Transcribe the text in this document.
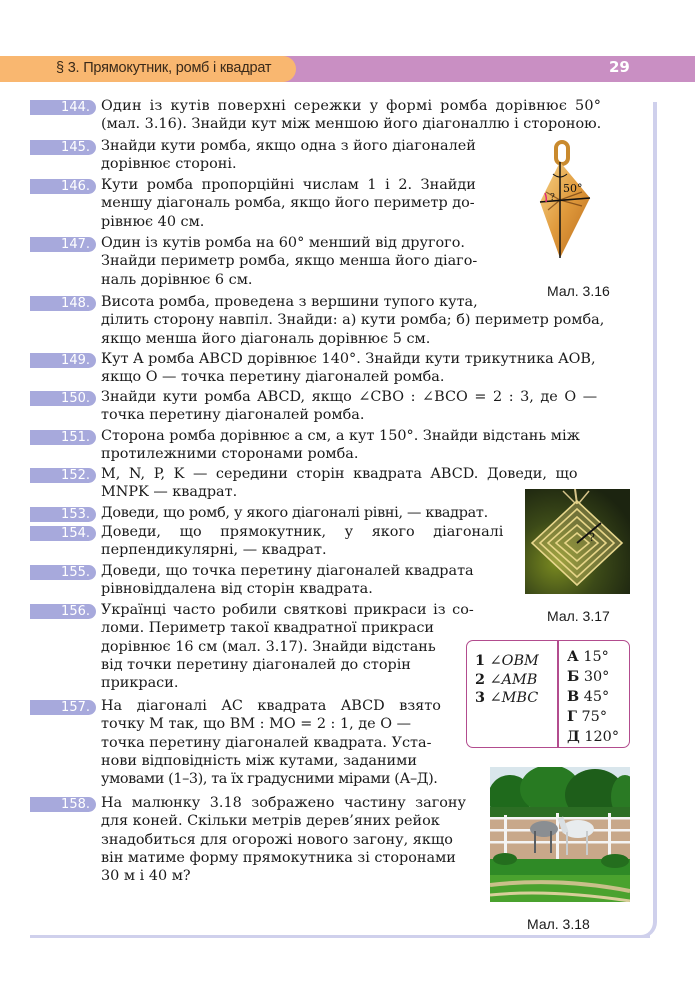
§ 3. Прямокутник, ромб і квадрат	29
144. Один із кутів поверхні сережки у формі ромба дорівнює 50°
(мал. 3.16). Знайди кут між меншою його діагоналлю і стороною.
145. Знайди кути ромба, якщо одна з його діагоналей
дорівнює стороні.
146. Кути ромба пропорційні числам 1 і 2. Знайди
меншу діагональ ромба, якщо його периметр до-
рівнює 40 см.
147. Один із кутів ромба на 60° менший від другого.
Знайди периметр ромба, якщо менша його діаго-
наль дорівнює 6 см.
50°
?
Мал. 3.16
148. Висота ромба, проведена з вершини тупого кута,
ділить сторону навпіл. Знайди: а) кути ромба; б) периметр ромба,
якщо менша його діагональ дорівнює 5 см.
149. Кут A ромба ABCD дорівнює 140°. Знайди кути трикутника AOB,
якщо O — точка перетину діагоналей ромба.
150. Знайди кути ромба ABCD, якщо ∠CBO : ∠BCO = 2 : 3, де O —
точка перетину діагоналей ромба.
151. Сторона ромба дорівнює a см, а кут 150°. Знайди відстань між
протилежними сторонами ромба.
152. M, N, P, K — середини сторін квадрата ABCD. Доведи, що
MNPK — квадрат.
153. Доведи, що ромб, у якого діагоналі рівні, — квадрат.
154. Доведи, що прямокутник, у якого діагоналі
перпендикулярні, — квадрат.
155. Доведи, що точка перетину діагоналей квадрата
рівновіддалена від сторін квадрата.
?
Мал. 3.17
156. Українці часто робили святкові прикраси із со-
ломи. Периметр такої квадратної прикраси
дорівнює 16 см (мал. 3.17). Знайди відстань
від точки перетину діагоналей до сторін
прикраси.
1 ∠OBM
2 ∠AMB
3 ∠MBC
А 15°
Б 30°
В 45°
Г 75°
Д 120°
157. На діагоналі AC квадрата ABCD взято
точку M так, що BM : MO = 2 : 1, де O —
точка перетину діагоналей квадрата. Уста-
нови відповідність між кутами, заданими
умовами (1–3), та їх градусними мірами (А–Д).
158. На малюнку 3.18 зображено частину загону
для коней. Скільки метрів дерев’яних рейок
знадобиться для огорожі нового загону, якщо
він матиме форму прямокутника зі сторонами
30 м і 40 м?
Мал. 3.18
